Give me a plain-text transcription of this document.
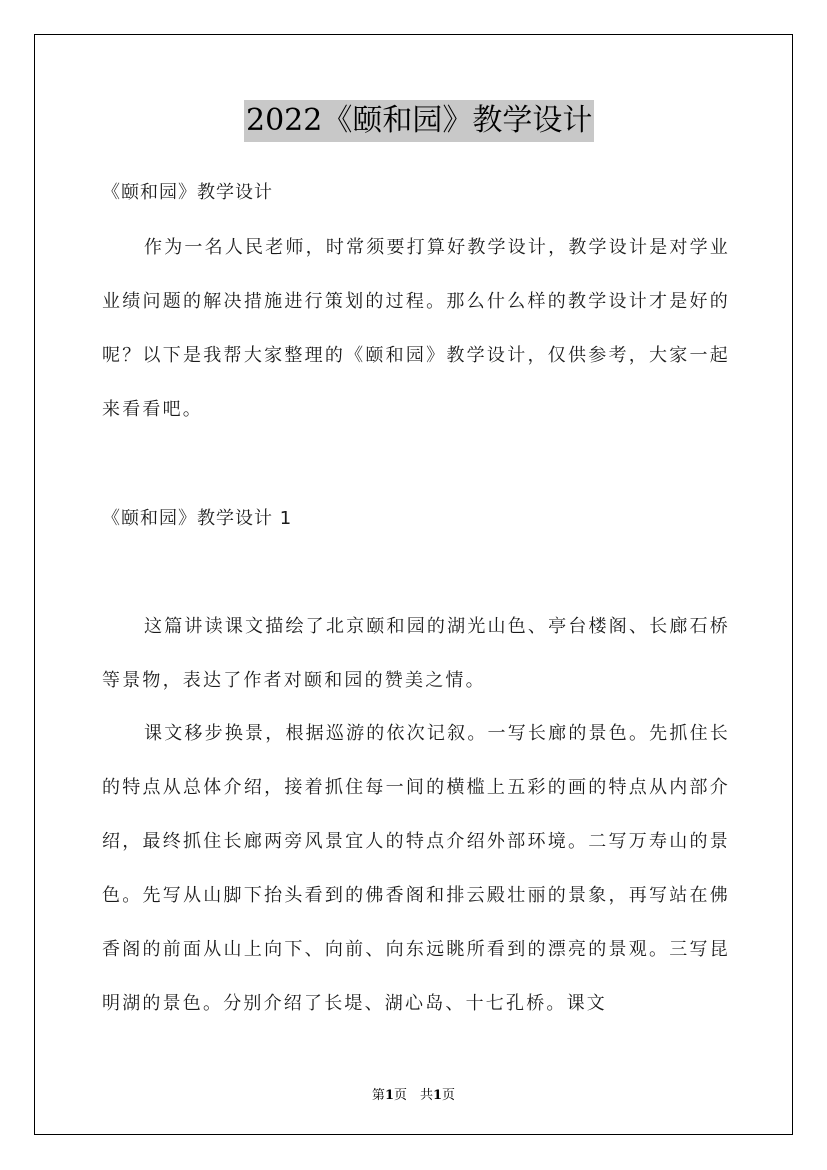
2022《颐和园》教学设计

《颐和园》教学设计

作为一名人民老师，时常须要打算好教学设计，教学设计是对学业业绩问题的解决措施进行策划的过程。那么什么样的教学设计才是好的呢？以下是我帮大家整理的《颐和园》教学设计，仅供参考，大家一起来看看吧。

《颐和园》教学设计 1

这篇讲读课文描绘了北京颐和园的湖光山色、亭台楼阁、长廊石桥等景物，表达了作者对颐和园的赞美之情。

课文移步换景，根据巡游的依次记叙。一写长廊的景色。先抓住长的特点从总体介绍，接着抓住每一间的横槛上五彩的画的特点从内部介绍，最终抓住长廊两旁风景宜人的特点介绍外部环境。二写万寿山的景色。先写从山脚下抬头看到的佛香阁和排云殿壮丽的景象，再写站在佛香阁的前面从山上向下、向前、向东远眺所看到的漂亮的景观。三写昆明湖的景色。分别介绍了长堤、湖心岛、十七孔桥。课文

第1页　共1页
